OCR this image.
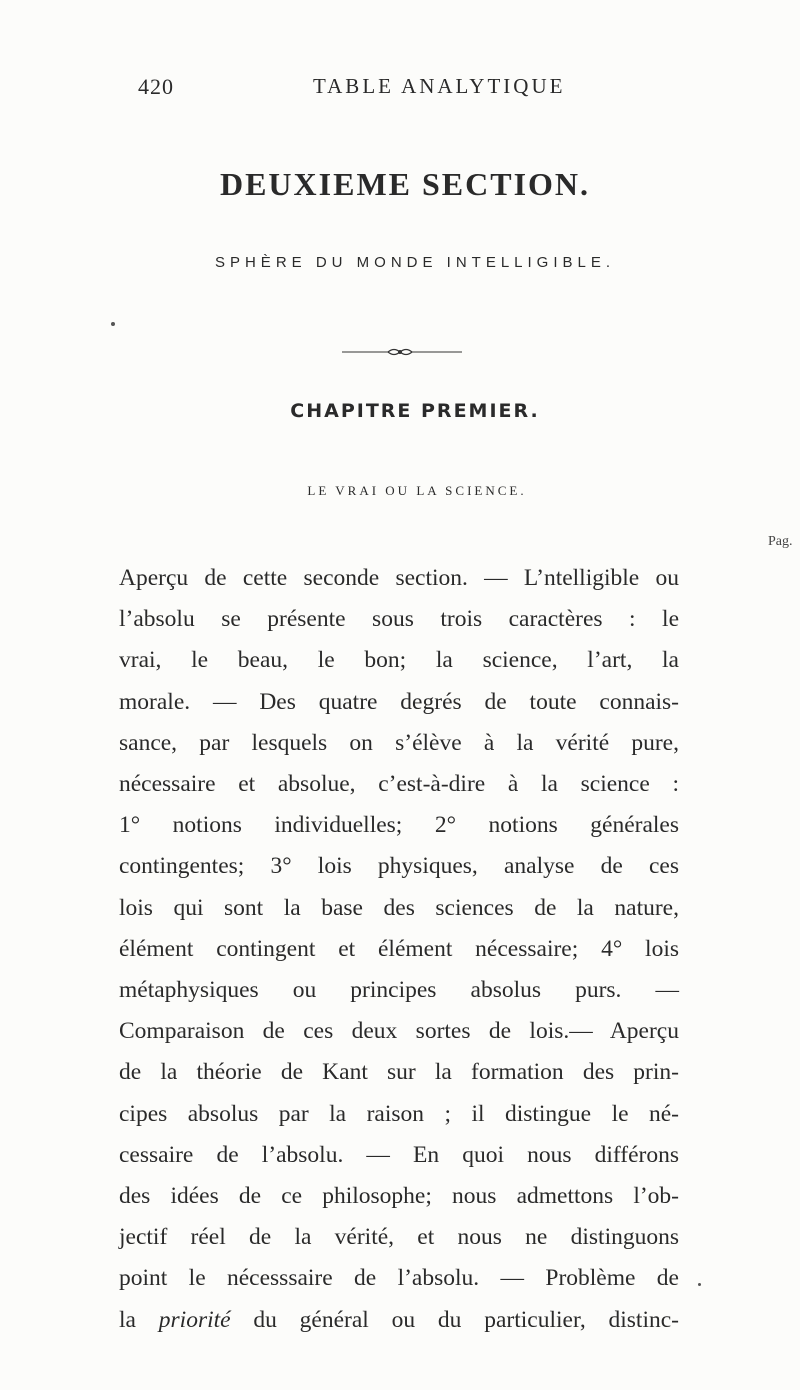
420	TABLE ANALYTIQUE
DEUXIEME SECTION.
SPHÈRE DU MONDE INTELLIGIBLE.
CHAPITRE PREMIER.
LE VRAI OU LA SCIENCE.
Pag.
Aperçu de cette seconde section. — L’ntelligible ou
l’absolu se présente sous trois caractères : le
vrai, le beau, le bon; la science, l’art, la
morale. — Des quatre degrés de toute connais-
sance, par lesquels on s’élève à la vérité pure,
nécessaire et absolue, c’est-à-dire à la science :
1° notions individuelles; 2° notions générales
contingentes; 3° lois physiques, analyse de ces
lois qui sont la base des sciences de la nature,
élément contingent et élément nécessaire; 4° lois
métaphysiques ou principes absolus purs. —
Comparaison de ces deux sortes de lois.— Aperçu
de la théorie de Kant sur la formation des prin-
cipes absolus par la raison ; il distingue le né-
cessaire de l’absolu. — En quoi nous différons
des idées de ce philosophe; nous admettons l’ob-
jectif réel de la vérité, et nous ne distinguons
point le nécesssaire de l’absolu. — Problème de
la priorité du général ou du particulier, distinc-
